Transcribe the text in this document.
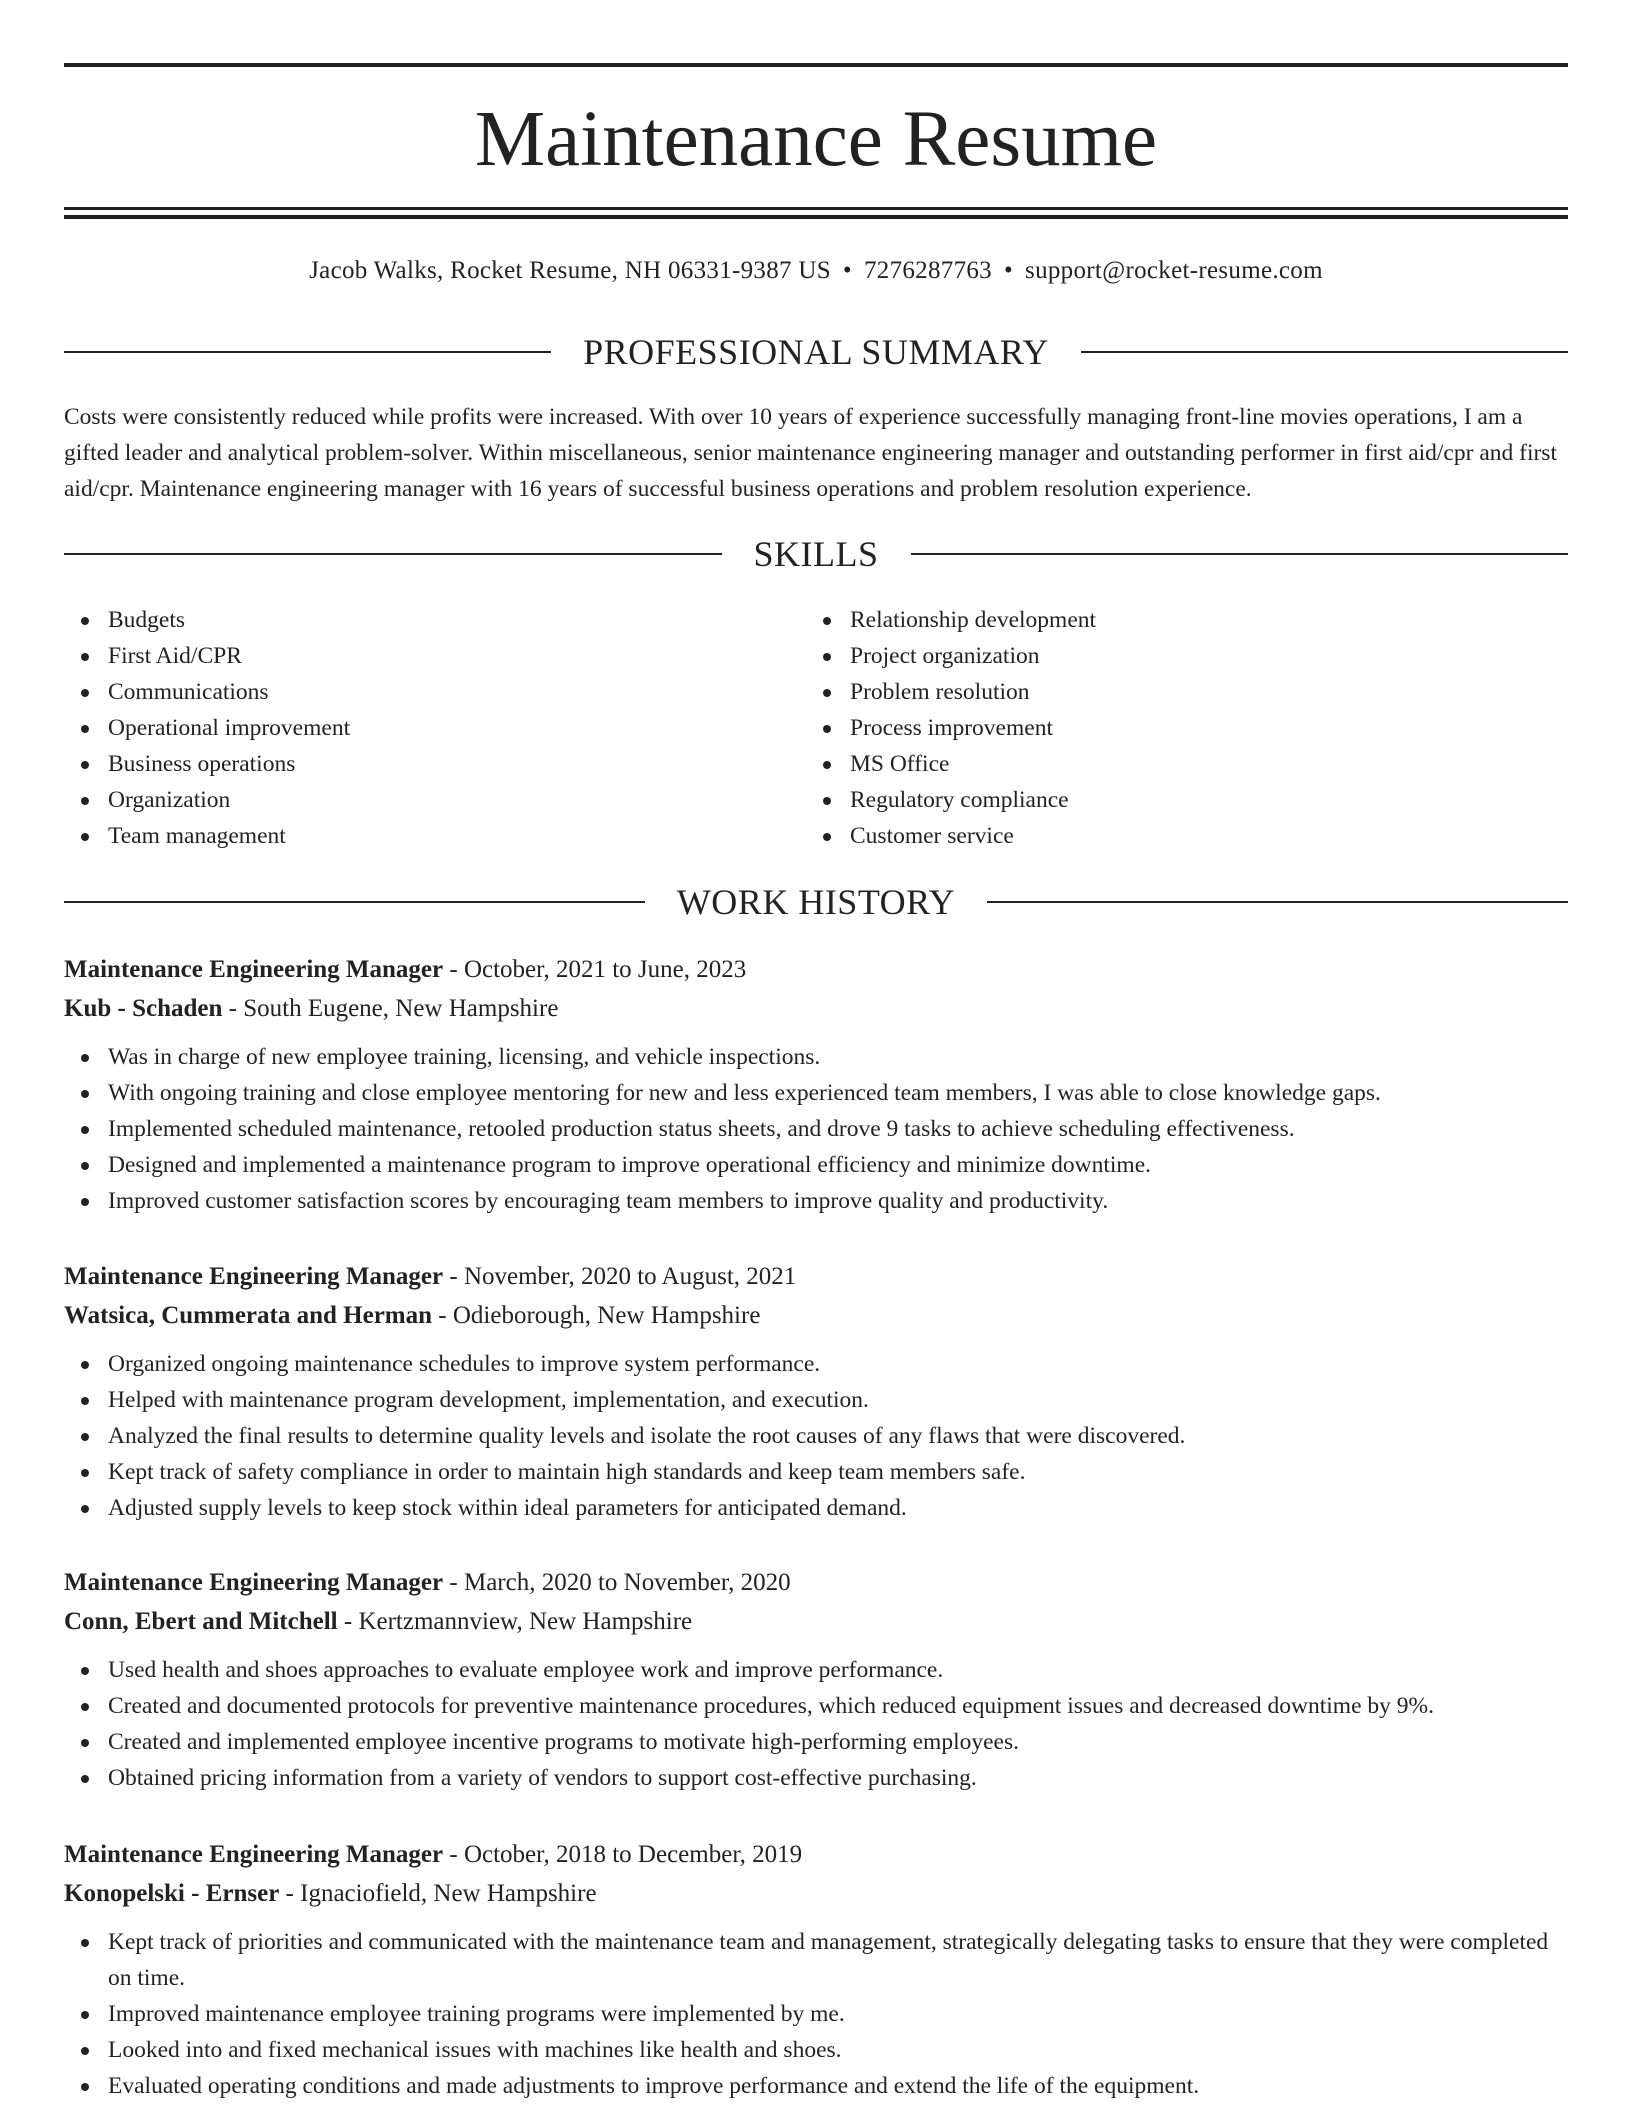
Maintenance Resume
Jacob Walks, Rocket Resume, NH 06331-9387 US • 7276287763 • support@rocket-resume.com
PROFESSIONAL SUMMARY

Costs were consistently reduced while profits were increased. With over 10 years of experience successfully managing front-line movies operations, I am a gifted leader and analytical problem-solver. Within miscellaneous, senior maintenance engineering manager and outstanding performer in first aid/cpr and first aid/cpr. Maintenance engineering manager with 16 years of successful business operations and problem resolution experience.

SKILLS
Budgets
First Aid/CPR
Communications
Operational improvement
Business operations
Organization
Team management
Relationship development
Project organization
Problem resolution
Process improvement
MS Office
Regulatory compliance
Customer service
WORK HISTORY
Maintenance Engineering Manager - October, 2021 to June, 2023
Kub - Schaden - South Eugene, New Hampshire
Was in charge of new employee training, licensing, and vehicle inspections.
With ongoing training and close employee mentoring for new and less experienced team members, I was able to close knowledge gaps.
Implemented scheduled maintenance, retooled production status sheets, and drove 9 tasks to achieve scheduling effectiveness.
Designed and implemented a maintenance program to improve operational efficiency and minimize downtime.
Improved customer satisfaction scores by encouraging team members to improve quality and productivity.
Maintenance Engineering Manager - November, 2020 to August, 2021
Watsica, Cummerata and Herman - Odieborough, New Hampshire
Organized ongoing maintenance schedules to improve system performance.
Helped with maintenance program development, implementation, and execution.
Analyzed the final results to determine quality levels and isolate the root causes of any flaws that were discovered.
Kept track of safety compliance in order to maintain high standards and keep team members safe.
Adjusted supply levels to keep stock within ideal parameters for anticipated demand.
Maintenance Engineering Manager - March, 2020 to November, 2020
Conn, Ebert and Mitchell - Kertzmannview, New Hampshire
Used health and shoes approaches to evaluate employee work and improve performance.
Created and documented protocols for preventive maintenance procedures, which reduced equipment issues and decreased downtime by 9%.
Created and implemented employee incentive programs to motivate high-performing employees.
Obtained pricing information from a variety of vendors to support cost-effective purchasing.
Maintenance Engineering Manager - October, 2018 to December, 2019
Konopelski - Ernser - Ignaciofield, New Hampshire
Kept track of priorities and communicated with the maintenance team and management, strategically delegating tasks to ensure that they were completed on time.
Improved maintenance employee training programs were implemented by me.
Looked into and fixed mechanical issues with machines like health and shoes.
Evaluated operating conditions and made adjustments to improve performance and extend the life of the equipment.
